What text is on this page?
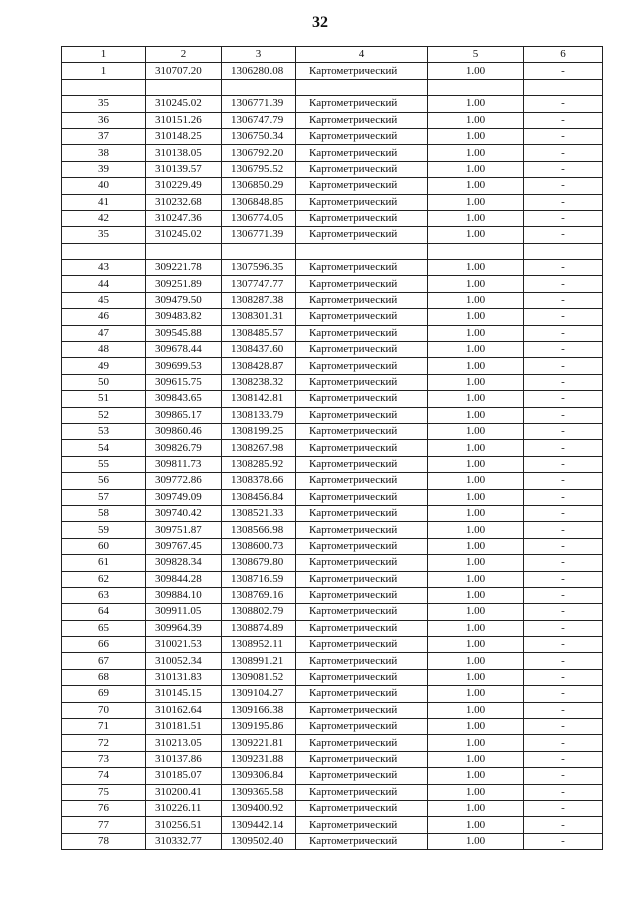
32
1	2	3	4	5	6
1	310707.20	1306280.08	Картометрический	1.00	-

35	310245.02	1306771.39	Картометрический	1.00	-
36	310151.26	1306747.79	Картометрический	1.00	-
37	310148.25	1306750.34	Картометрический	1.00	-
38	310138.05	1306792.20	Картометрический	1.00	-
39	310139.57	1306795.52	Картометрический	1.00	-
40	310229.49	1306850.29	Картометрический	1.00	-
41	310232.68	1306848.85	Картометрический	1.00	-
42	310247.36	1306774.05	Картометрический	1.00	-
35	310245.02	1306771.39	Картометрический	1.00	-

43	309221.78	1307596.35	Картометрический	1.00	-
44	309251.89	1307747.77	Картометрический	1.00	-
45	309479.50	1308287.38	Картометрический	1.00	-
46	309483.82	1308301.31	Картометрический	1.00	-
47	309545.88	1308485.57	Картометрический	1.00	-
48	309678.44	1308437.60	Картометрический	1.00	-
49	309699.53	1308428.87	Картометрический	1.00	-
50	309615.75	1308238.32	Картометрический	1.00	-
51	309843.65	1308142.81	Картометрический	1.00	-
52	309865.17	1308133.79	Картометрический	1.00	-
53	309860.46	1308199.25	Картометрический	1.00	-
54	309826.79	1308267.98	Картометрический	1.00	-
55	309811.73	1308285.92	Картометрический	1.00	-
56	309772.86	1308378.66	Картометрический	1.00	-
57	309749.09	1308456.84	Картометрический	1.00	-
58	309740.42	1308521.33	Картометрический	1.00	-
59	309751.87	1308566.98	Картометрический	1.00	-
60	309767.45	1308600.73	Картометрический	1.00	-
61	309828.34	1308679.80	Картометрический	1.00	-
62	309844.28	1308716.59	Картометрический	1.00	-
63	309884.10	1308769.16	Картометрический	1.00	-
64	309911.05	1308802.79	Картометрический	1.00	-
65	309964.39	1308874.89	Картометрический	1.00	-
66	310021.53	1308952.11	Картометрический	1.00	-
67	310052.34	1308991.21	Картометрический	1.00	-
68	310131.83	1309081.52	Картометрический	1.00	-
69	310145.15	1309104.27	Картометрический	1.00	-
70	310162.64	1309166.38	Картометрический	1.00	-
71	310181.51	1309195.86	Картометрический	1.00	-
72	310213.05	1309221.81	Картометрический	1.00	-
73	310137.86	1309231.88	Картометрический	1.00	-
74	310185.07	1309306.84	Картометрический	1.00	-
75	310200.41	1309365.58	Картометрический	1.00	-
76	310226.11	1309400.92	Картометрический	1.00	-
77	310256.51	1309442.14	Картометрический	1.00	-
78	310332.77	1309502.40	Картометрический	1.00	-
